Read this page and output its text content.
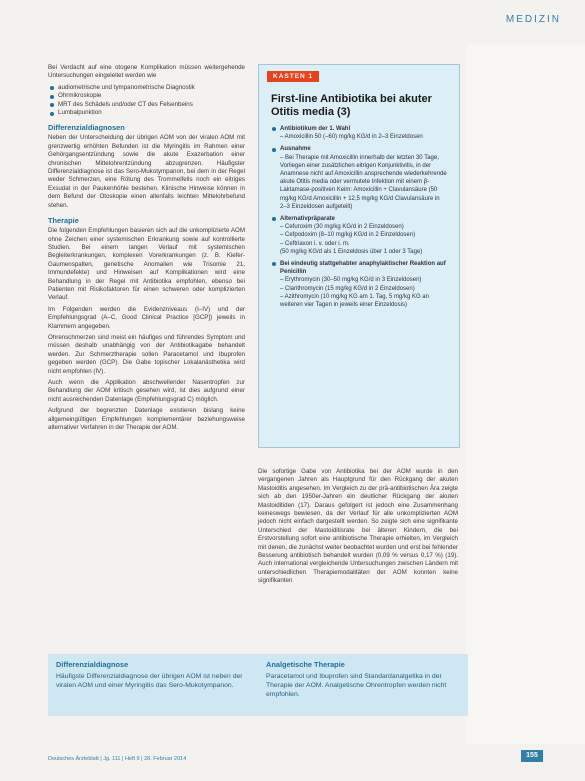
MEDIZIN

Bei Verdacht auf eine otogene Komplikation müssen weitergehende Untersuchungen eingeleitet werden wie

audiometrische und tympanometrische Diagnostik
Ohrmikroskopie
MRT des Schädels und/oder CT des Felsenbeins
Lumbalpunktion
Differenzialdiagnosen

Neben der Unterscheidung der übrigen AOM von der viralen AOM mit grenzwertig erhöhten Befunden ist die Myringitis im Rahmen einer Gehörgangsentzündung sowie die akute Exazerbation einer chronischen Mittelohrentzündung abzugrenzen. Häufigster Differenzialdiagnose ist das Sero-Mukotympanon, bei dem in der Regel weder Schmerzen, eine Rötung des Trommelfells noch ein eitriges Exsudat in der Paukenhöhle bestehen. Klinische Hinweise können in dem Befund der Otoskopie einen allenfalls leichten Mittelohrbefund stehen.

Therapie

Die folgenden Empfehlungen basieren sich auf die unkomplizierte AOM ohne Zeichen einer systemischen Erkrankung sowie auf kontrollierte Studien. Bei einem langen Verlauf mit systemischen Begleiterkrankungen, komplexen Vorerkrankungen (z. B. Kiefer-Gaumenspalten, genetische Anomalien wie Trisomie 21, Immundefekte) und Hinweisen auf Komplikationen wird eine Behandlung in der Regel mit Antibiotika empfohlen, ebenso bei Patienten mit Risikofaktoren für einen schweren oder komplizierten Verlauf.

Im Folgenden werden die Evidenzniveaus (I–IV) und der Empfehlungsgrad (A–C, Good Clinical Practice [GCP]) jeweils in Klammern angegeben.

Ohrenschmerzen sind meist ein häufiges und führendes Symptom und müssen deshalb unabhängig von der Antibiotikagabe behandelt werden. Zur Schmerztherapie sollen Paracetamol und Ibuprofen gegeben werden (GCP). Die Gabe topischer Lokalanästhetika wird nicht empfohlen (IV).

Auch wenn die Applikation abschwellender Nasentropfen zur Behandlung der AOM kritisch gesehen wird, ist dies aufgrund einer nicht ausreichenden Datenlage (Empfehlungsgrad C) möglich.

Aufgrund der begrenzten Datenlage existieren bislang keine allgemeingültigen Empfehlungen komplementärer beziehungsweise alternativer Verfahren in der Therapie der AOM.

KASTEN 1
First-line Antibiotika bei akuter Otitis media (3)
Antibiotikum der 1. Wahl
– Amoxicillin 50 (–60) mg/kg KG/d in 2–3 Einzeldosen
Ausnahme
– Bei Therapie mit Amoxicillin innerhalb der letzten 30 Tage, Vorliegen einer zusätzlichen eitrigen Konjunktivitis, in der Anamnese nicht auf Amoxicillin ansprechende wiederkehrende akute Otitis media oder vermutete Infektion mit einem β-Laktamase-positiven Keim: Amoxicillin + Clavulansäure (50 mg/kg KG/d Amoxicillin + 12,5 mg/kg KG/d Clavulansäure in 2–3 Einzeldosen aufgeteilt)
Alternativpräparate
– Cefuroxim (30 mg/kg KG/d in 2 Einzeldosen)
– Cefpodoxim (8–10 mg/kg KG/d in 2 Einzeldosen)
– Ceftriaxon i. v. oder i. m.
(50 mg/kg KG/d als 1 Einzeldosis über 1 oder 3 Tage)
Bei eindeutig stattgehabter anaphylaktischer Reaktion auf Penicillin
– Erythromycin (30–50 mg/kg KG/d in 3 Einzeldosen)
– Clarithromycin (15 mg/kg KG/d in 2 Einzeldosen)
– Azithromycin (10 mg/kg KG am 1. Tag, 5 mg/kg KG an weiteren vier Tagen in jeweils einer Einzeldosis)

Die sofortige Gabe von Antibiotika bei der AOM wurde in den vergangenen Jahren als Hauptgrund für den Rückgang der akuten Mastoiditis angesehen. Im Vergleich zu der prä-antibiotischen Ära zeigte sich ab den 1950er-Jahren ein deutlicher Rückgang der akuten Mastoiditiden (17). Daraus gefolgert ist jedoch eine Zusammenhang keineswegs bewiesen, da der Verlauf für alle unkomplizierten AOM jedoch nicht einfach dargestellt werden. So zeigte sich eine signifikante Unterschied der Mastoiditisrate bei älteren Kindern, die bei Erstvorstellung sofort eine antibiotische Therapie erhielten, im Vergleich mit denen, die zunächst weiter beobachtet wurden und erst bei fehlender Besserung antibiotisch behandelt wurden (0,09 % versus 0,17 %) (19). Auch international vergleichende Untersuchungen zwischen Ländern mit unterschiedlichen Therapiemodalitäten der AOM konnten keine signifikanten

Differenzialdiagnose
Häufigste Differenzialdiagnose der übrigen AOM ist neben der viralen AOM und einer Myringitis das Sero-Mukotympanon.
Analgetische Therapie
Paracetamol und Ibuprofen sind Standardanalgetika in der Therapie der AOM. Analgetische Ohrentropfen werden nicht empfohlen.
Deutsches Ärzteblatt | Jg. 111 | Heft 9 | 28. Februar 2014	155
